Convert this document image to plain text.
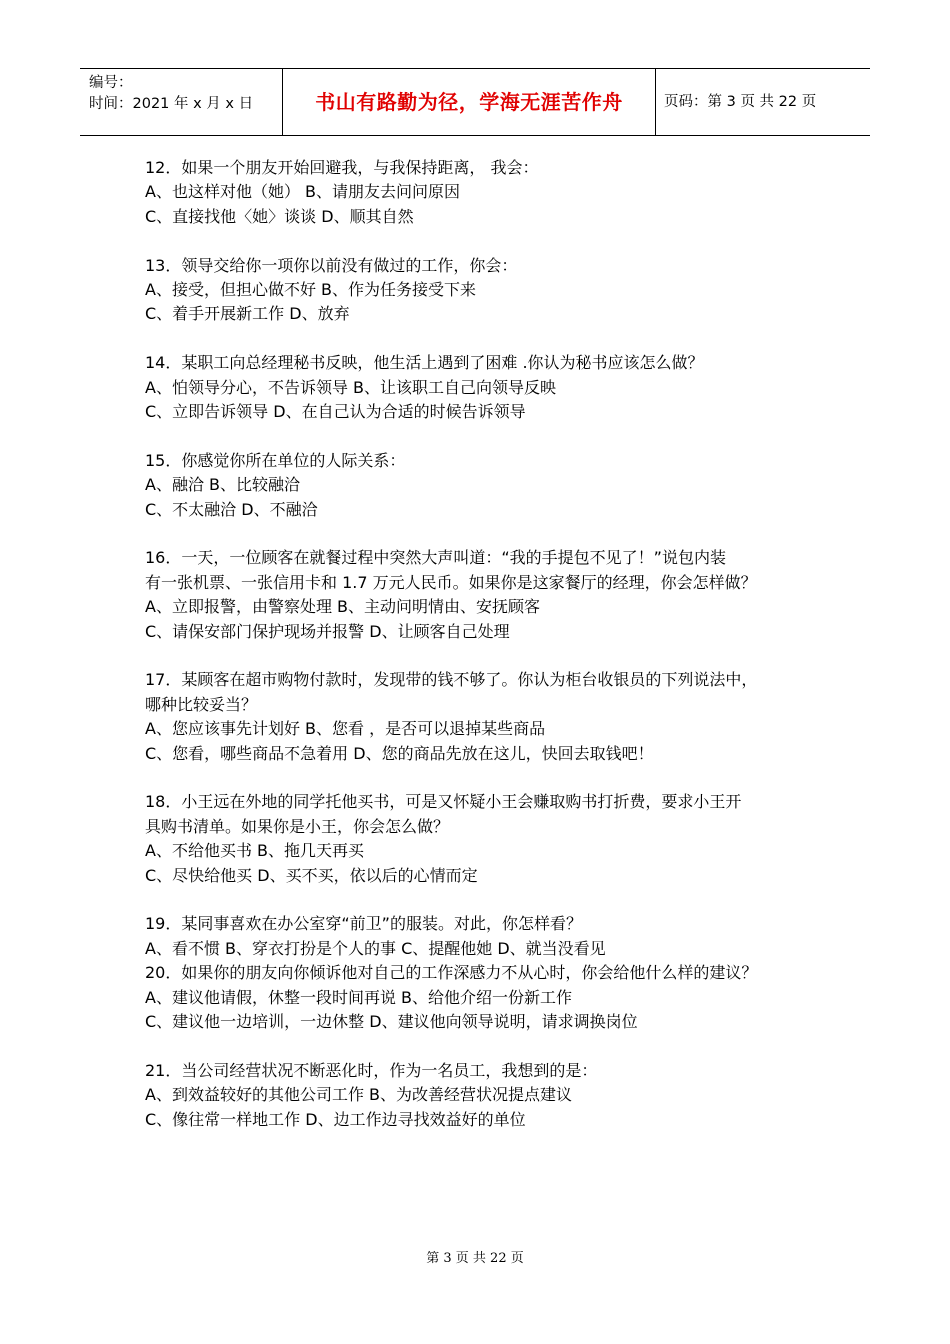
编号：
时间：2021 年 x 月 x 日	书山有路勤为径，学海无涯苦作舟	页码：第 3 页 共 22 页
12．如果一个朋友开始回避我，与我保持距离， 我会：
A、也这样对他（她） B、请朋友去问问原因
C、直接找他〈她〉谈谈 D、顺其自然
13．领导交给你一项你以前没有做过的工作，你会：
A、接受，但担心做不好 B、作为任务接受下来
C、着手开展新工作 D、放弃
14．某职工向总经理秘书反映，他生活上遇到了困难 .你认为秘书应该怎么做？
A、怕领导分心，不告诉领导 B、让该职工自己向领导反映
C、立即告诉领导 D、在自己认为合适的时候告诉领导
15．你感觉你所在单位的人际关系：
A、融洽 B、比较融洽
C、不太融洽 D、不融洽
16．一天，一位顾客在就餐过程中突然大声叫道：“我的手提包不见了！”说包内装
有一张机票、一张信用卡和 1.7 万元人民币。如果你是这家餐厅的经理，你会怎样做？
A、立即报警，由警察处理 B、主动问明情由、安抚顾客
C、请保安部门保护现场并报警 D、让顾客自己处理
17．某顾客在超市购物付款时，发现带的钱不够了。你认为柜台收银员的下列说法中，
哪种比较妥当？
A、您应该事先计划好 B、您看 ，是否可以退掉某些商品
C、您看，哪些商品不急着用 D、您的商品先放在这儿，快回去取钱吧！
18．小王远在外地的同学托他买书，可是又怀疑小王会赚取购书打折费，要求小王开
具购书清单。如果你是小王，你会怎么做？
A、不给他买书 B、拖几天再买
C、尽快给他买 D、买不买，依以后的心情而定
19．某同事喜欢在办公室穿“前卫”的服装。对此，你怎样看？
A、看不惯 B、穿衣打扮是个人的事 C、提醒他她 D、就当没看见
20．如果你的朋友向你倾诉他对自己的工作深感力不从心时，你会给他什么样的建议？
A、建议他请假，休整一段时间再说 B、给他介绍一份新工作
C、建议他一边培训，一边休整 D、建议他向领导说明，请求调换岗位
21．当公司经营状况不断恶化时，作为一名员工，我想到的是：
A、到效益较好的其他公司工作 B、为改善经营状况提点建议
C、像往常一样地工作 D、边工作边寻找效益好的单位
第 3 页 共 22 页
